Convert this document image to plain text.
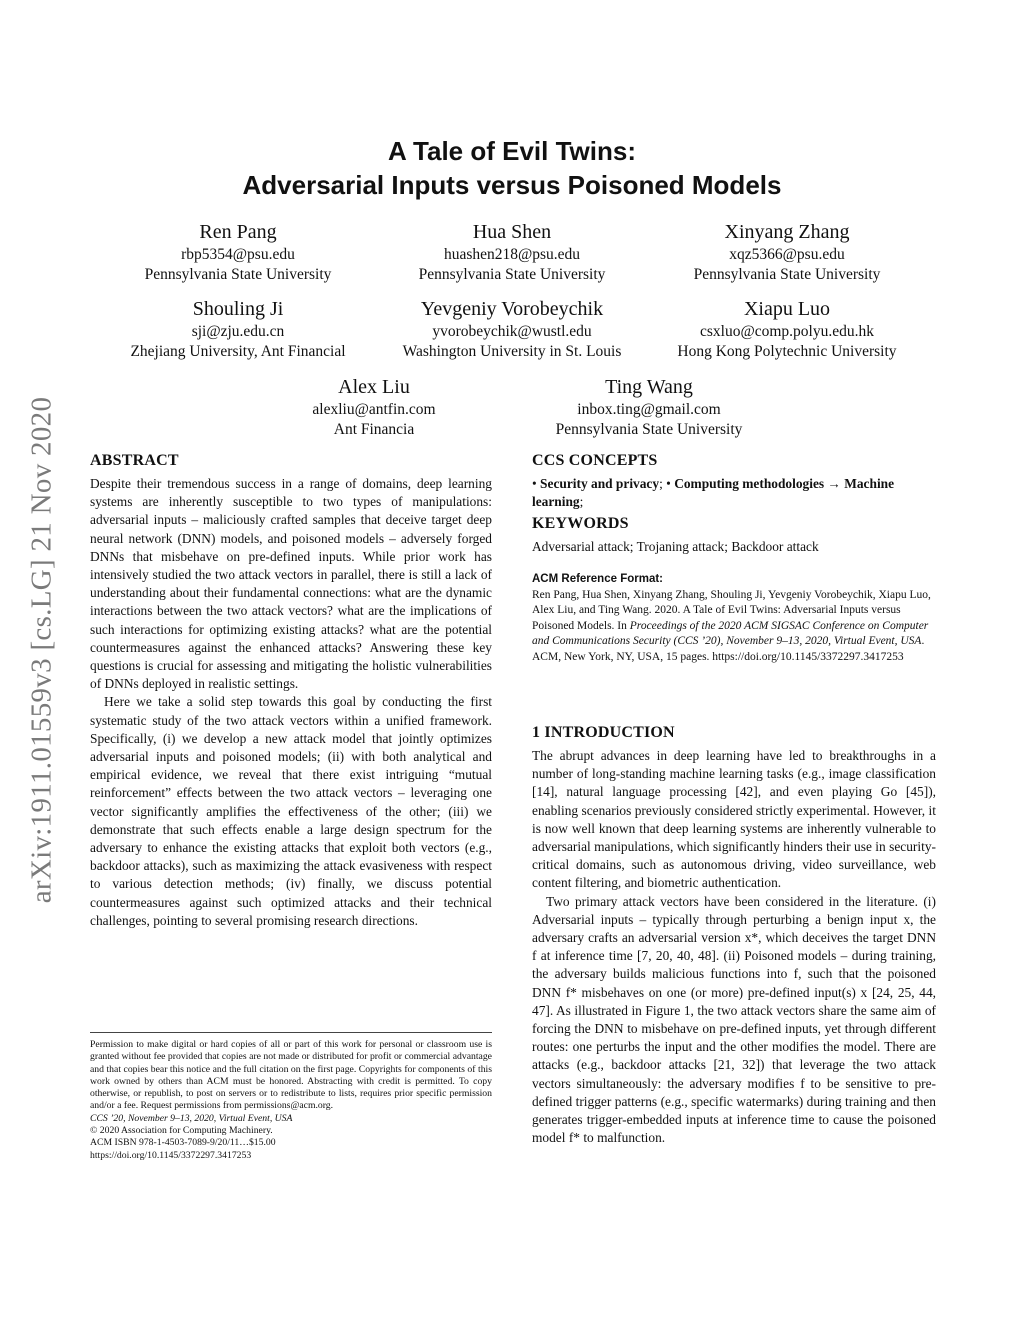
arXiv:1911.01559v3 [cs.LG] 21 Nov 2020
A Tale of Evil Twins:
Adversarial Inputs versus Poisoned Models
Ren Pang
rbp5354@psu.edu
Pennsylvania State University
Hua Shen
huashen218@psu.edu
Pennsylvania State University
Xinyang Zhang
xqz5366@psu.edu
Pennsylvania State University
Shouling Ji
sji@zju.edu.cn
Zhejiang University, Ant Financial
Yevgeniy Vorobeychik
yvorobeychik@wustl.edu
Washington University in St. Louis
Xiapu Luo
csxluo@comp.polyu.edu.hk
Hong Kong Polytechnic University
Alex Liu
alexliu@antfin.com
Ant Financia
Ting Wang
inbox.ting@gmail.com
Pennsylvania State University
ABSTRACT

Despite their tremendous success in a range of domains, deep learning systems are inherently susceptible to two types of manipulations: adversarial inputs – maliciously crafted samples that deceive target deep neural network (DNN) models, and poisoned models – adversely forged DNNs that misbehave on pre-defined inputs. While prior work has intensively studied the two attack vectors in parallel, there is still a lack of understanding about their fundamental connections: what are the dynamic interactions between the two attack vectors? what are the implications of such interactions for optimizing existing attacks? what are the potential countermeasures against the enhanced attacks? Answering these key questions is crucial for assessing and mitigating the holistic vulnerabilities of DNNs deployed in realistic settings.

Here we take a solid step towards this goal by conducting the first systematic study of the two attack vectors within a unified framework. Specifically, (i) we develop a new attack model that jointly optimizes adversarial inputs and poisoned models; (ii) with both analytical and empirical evidence, we reveal that there exist intriguing “mutual reinforcement” effects between the two attack vectors – leveraging one vector significantly amplifies the effectiveness of the other; (iii) we demonstrate that such effects enable a large design spectrum for the adversary to enhance the existing attacks that exploit both vectors (e.g., backdoor attacks), such as maximizing the attack evasiveness with respect to various detection methods; (iv) finally, we discuss potential countermeasures against such optimized attacks and their technical challenges, pointing to several promising research directions.

Permission to make digital or hard copies of all or part of this work for personal or classroom use is granted without fee provided that copies are not made or distributed for profit or commercial advantage and that copies bear this notice and the full citation on the first page. Copyrights for components of this work owned by others than ACM must be honored. Abstracting with credit is permitted. To copy otherwise, or republish, to post on servers or to redistribute to lists, requires prior specific permission and/or a fee. Request permissions from permissions@acm.org.

CCS ’20, November 9–13, 2020, Virtual Event, USA

© 2020 Association for Computing Machinery.

ACM ISBN 978-1-4503-7089-9/20/11…$15.00

https://doi.org/10.1145/3372297.3417253

CCS CONCEPTS

• Security and privacy; • Computing methodologies → Machine learning;

KEYWORDS

Adversarial attack; Trojaning attack; Backdoor attack

ACM Reference Format:

Ren Pang, Hua Shen, Xinyang Zhang, Shouling Ji, Yevgeniy Vorobeychik, Xiapu Luo, Alex Liu, and Ting Wang. 2020. A Tale of Evil Twins: Adversarial Inputs versus Poisoned Models. In Proceedings of the 2020 ACM SIGSAC Conference on Computer and Communications Security (CCS ’20), November 9–13, 2020, Virtual Event, USA. ACM, New York, NY, USA, 15 pages. https://doi.org/10.1145/3372297.3417253

1 INTRODUCTION

The abrupt advances in deep learning have led to breakthroughs in a number of long-standing machine learning tasks (e.g., image classification [14], natural language processing [42], and even playing Go [45]), enabling scenarios previously considered strictly experimental. However, it is now well known that deep learning systems are inherently vulnerable to adversarial manipulations, which significantly hinders their use in security-critical domains, such as autonomous driving, video surveillance, web content filtering, and biometric authentication.

Two primary attack vectors have been considered in the literature. (i) Adversarial inputs – typically through perturbing a benign input x, the adversary crafts an adversarial version x*, which deceives the target DNN f at inference time [7, 20, 40, 48]. (ii) Poisoned models – during training, the adversary builds malicious functions into f, such that the poisoned DNN f* misbehaves on one (or more) pre-defined input(s) x [24, 25, 44, 47]. As illustrated in Figure 1, the two attack vectors share the same aim of forcing the DNN to misbehave on pre-defined inputs, yet through different routes: one perturbs the input and the other modifies the model. There are attacks (e.g., backdoor attacks [21, 32]) that leverage the two attack vectors simultaneously: the adversary modifies f to be sensitive to pre-defined trigger patterns (e.g., specific watermarks) during training and then generates trigger-embedded inputs at inference time to cause the poisoned model f* to malfunction.
